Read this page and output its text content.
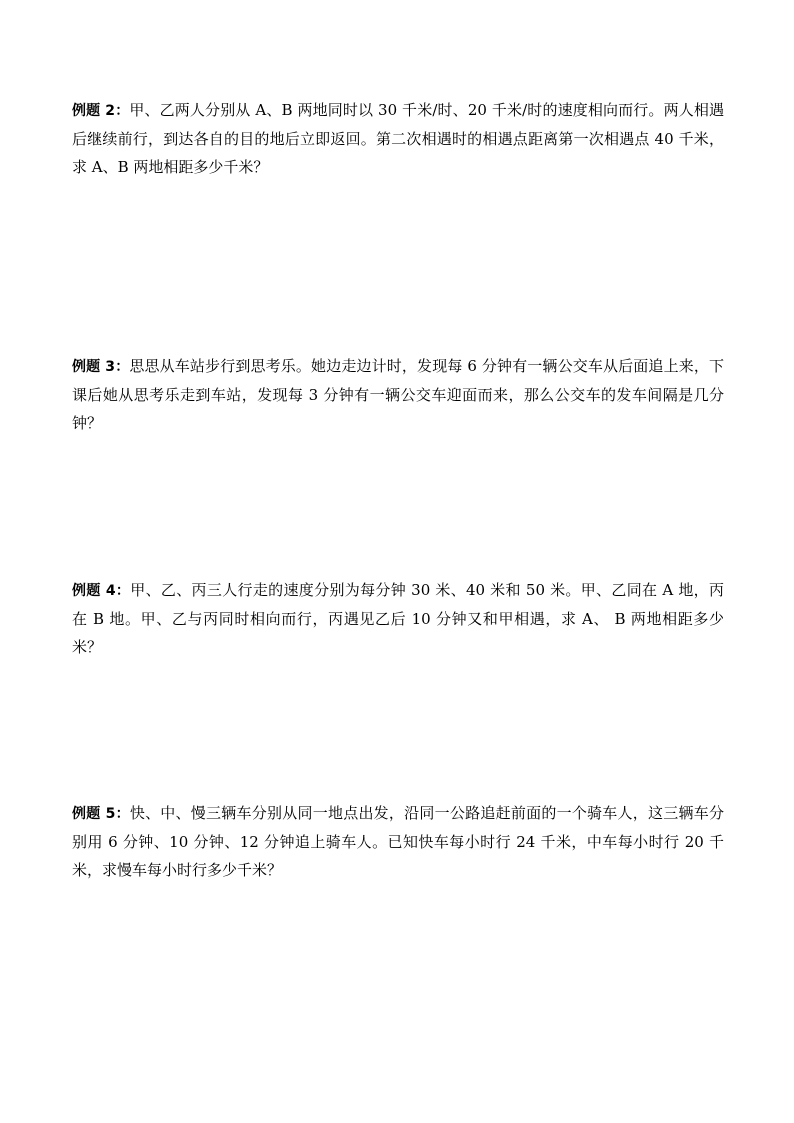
例题 2：甲、乙两人分别从 A、B 两地同时以 30 千米/时、20 千米/时的速度相向而行。两人相遇后继续前行，到达各自的目的地后立即返回。第二次相遇时的相遇点距离第一次相遇点 40 千米，求 A、B 两地相距多少千米？
例题 3：思思从车站步行到思考乐。她边走边计时，发现每 6 分钟有一辆公交车从后面追上来，下课后她从思考乐走到车站，发现每 3 分钟有一辆公交车迎面而来，那么公交车的发车间隔是几分钟？
例题 4：甲、乙、丙三人行走的速度分别为每分钟 30 米、40 米和 50 米。甲、乙同在 A 地，丙在 B 地。甲、乙与丙同时相向而行，丙遇见乙后 10 分钟又和甲相遇，求 A、 B 两地相距多少米？
例题 5：快、中、慢三辆车分别从同一地点出发，沿同一公路追赶前面的一个骑车人，这三辆车分别用 6 分钟、10 分钟、12 分钟追上骑车人。已知快车每小时行 24 千米，中车每小时行 20 千米，求慢车每小时行多少千米？
